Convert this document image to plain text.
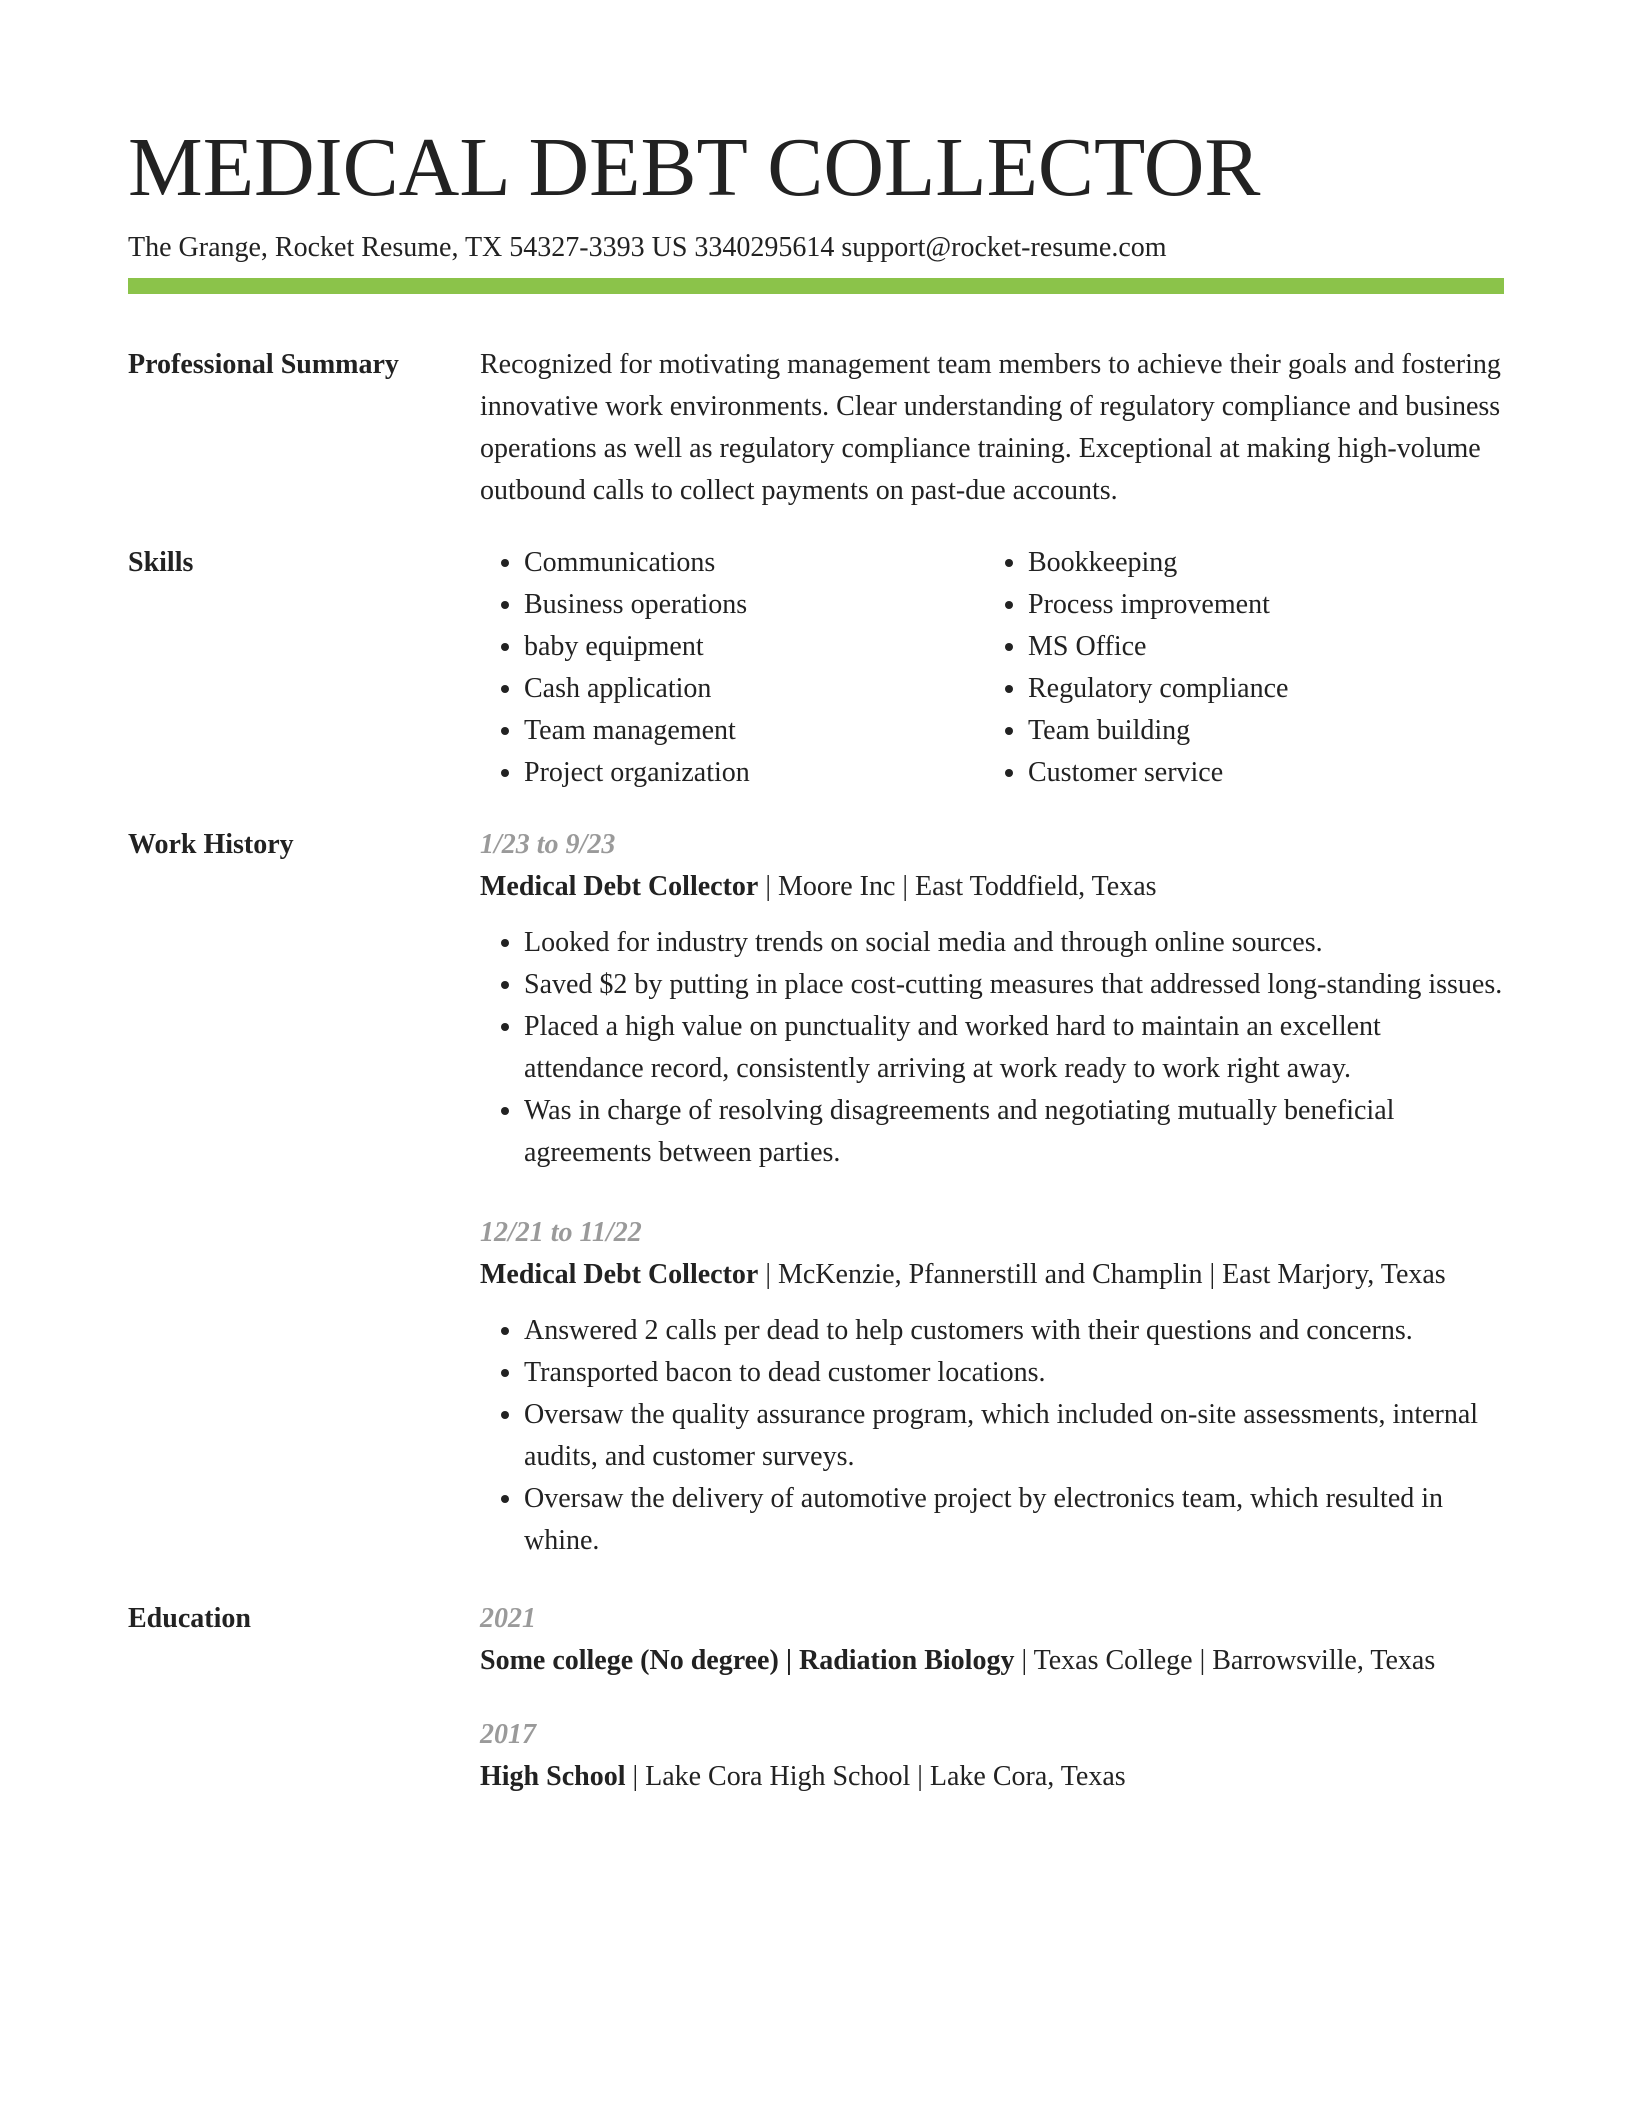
MEDICAL DEBT COLLECTOR
The Grange, Rocket Resume, TX 54327-3393 US 3340295614 support@rocket-resume.com
Professional Summary	Recognized for motivating management team members to achieve their goals and fostering innovative work environments. Clear understanding of regulatory compliance and business operations as well as regulatory compliance training. Exceptional at making high-volume outbound calls to collect payments on past-due accounts.

Skills	• Communications
• Business operations
• baby equipment
• Cash application
• Team management
• Project organization
• Bookkeeping
• Process improvement
• MS Office
• Regulatory compliance
• Team building
• Customer service
Work History	1/23 to 9/23
Medical Debt Collector | Moore Inc | East Toddfield, Texas
• Looked for industry trends on social media and through online sources.
• Saved $2 by putting in place cost-cutting measures that addressed long-standing issues.
• Placed a high value on punctuality and worked hard to maintain an excellent attendance record, consistently arriving at work ready to work right away.
• Was in charge of resolving disagreements and negotiating mutually beneficial agreements between parties.
12/21 to 11/22
Medical Debt Collector | McKenzie, Pfannerstill and Champlin | East Marjory, Texas
• Answered 2 calls per dead to help customers with their questions and concerns.
• Transported bacon to dead customer locations.
• Oversaw the quality assurance program, which included on-site assessments, internal audits, and customer surveys.
• Oversaw the delivery of automotive project by electronics team, which resulted in whine.
Education	2021
Some college (No degree) | Radiation Biology | Texas College | Barrowsville, Texas
2017
High School | Lake Cora High School | Lake Cora, Texas
